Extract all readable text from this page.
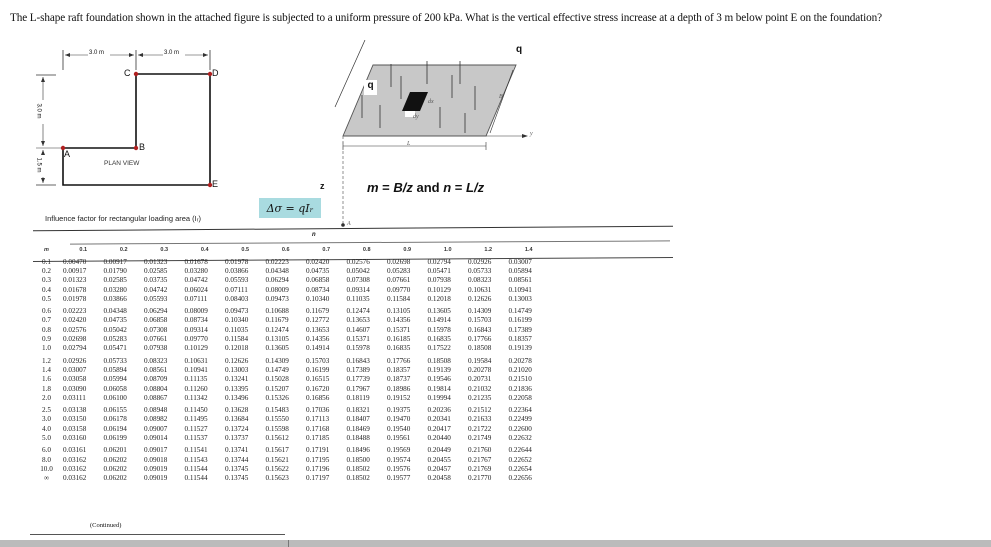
The L-shape raft foundation shown in the attached figure is subjected to a uniform pressure of 200 kPa. What is the vertical effective stress increase at a depth of 3 m below point E on the foundation?
3.0 m	3.0 m
3.0 m
1.5 m
A
B
C	D
E
PLAN VIEW
Influence factor for rectangular loading area (Iᵣ)
Δσ = qIᵣ
q
q
dx
dy
L
B
y
A
z	m = B/z and n = L/z
n
m	0.1	0.2	0.3	0.4	0.5	0.6	0.7	0.8	0.9	1.0	1.2	1.4
0.1	0.00470	0.00917	0.01323	0.01678	0.01978	0.02223	0.02420	0.02576	0.02698	0.02794	0.02926	0.03007
0.2	0.00917	0.01790	0.02585	0.03280	0.03866	0.04348	0.04735	0.05042	0.05283	0.05471	0.05733	0.05894
0.3	0.01323	0.02585	0.03735	0.04742	0.05593	0.06294	0.06858	0.07308	0.07661	0.07938	0.08323	0.08561
0.4	0.01678	0.03280	0.04742	0.06024	0.07111	0.08009	0.08734	0.09314	0.09770	0.10129	0.10631	0.10941
0.5	0.01978	0.03866	0.05593	0.07111	0.08403	0.09473	0.10340	0.11035	0.11584	0.12018	0.12626	0.13003
0.6	0.02223	0.04348	0.06294	0.08009	0.09473	0.10688	0.11679	0.12474	0.13105	0.13605	0.14309	0.14749
0.7	0.02420	0.04735	0.06858	0.08734	0.10340	0.11679	0.12772	0.13653	0.14356	0.14914	0.15703	0.16199
0.8	0.02576	0.05042	0.07308	0.09314	0.11035	0.12474	0.13653	0.14607	0.15371	0.15978	0.16843	0.17389
0.9	0.02698	0.05283	0.07661	0.09770	0.11584	0.13105	0.14356	0.15371	0.16185	0.16835	0.17766	0.18357
1.0	0.02794	0.05471	0.07938	0.10129	0.12018	0.13605	0.14914	0.15978	0.16835	0.17522	0.18508	0.19139
1.2	0.02926	0.05733	0.08323	0.10631	0.12626	0.14309	0.15703	0.16843	0.17766	0.18508	0.19584	0.20278
1.4	0.03007	0.05894	0.08561	0.10941	0.13003	0.14749	0.16199	0.17389	0.18357	0.19139	0.20278	0.21020
1.6	0.03058	0.05994	0.08709	0.11135	0.13241	0.15028	0.16515	0.17739	0.18737	0.19546	0.20731	0.21510
1.8	0.03090	0.06058	0.08804	0.11260	0.13395	0.15207	0.16720	0.17967	0.18986	0.19814	0.21032	0.21836
2.0	0.03111	0.06100	0.08867	0.11342	0.13496	0.15326	0.16856	0.18119	0.19152	0.19994	0.21235	0.22058
2.5	0.03138	0.06155	0.08948	0.11450	0.13628	0.15483	0.17036	0.18321	0.19375	0.20236	0.21512	0.22364
3.0	0.03150	0.06178	0.08982	0.11495	0.13684	0.15550	0.17113	0.18407	0.19470	0.20341	0.21633	0.22499
4.0	0.03158	0.06194	0.09007	0.11527	0.13724	0.15598	0.17168	0.18469	0.19540	0.20417	0.21722	0.22600
5.0	0.03160	0.06199	0.09014	0.11537	0.13737	0.15612	0.17185	0.18488	0.19561	0.20440	0.21749	0.22632
6.0	0.03161	0.06201	0.09017	0.11541	0.13741	0.15617	0.17191	0.18496	0.19569	0.20449	0.21760	0.22644
8.0	0.03162	0.06202	0.09018	0.11543	0.13744	0.15621	0.17195	0.18500	0.19574	0.20455	0.21767	0.22652
10.0	0.03162	0.06202	0.09019	0.11544	0.13745	0.15622	0.17196	0.18502	0.19576	0.20457	0.21769	0.22654
∞	0.03162	0.06202	0.09019	0.11544	0.13745	0.15623	0.17197	0.18502	0.19577	0.20458	0.21770	0.22656
(Continued)
